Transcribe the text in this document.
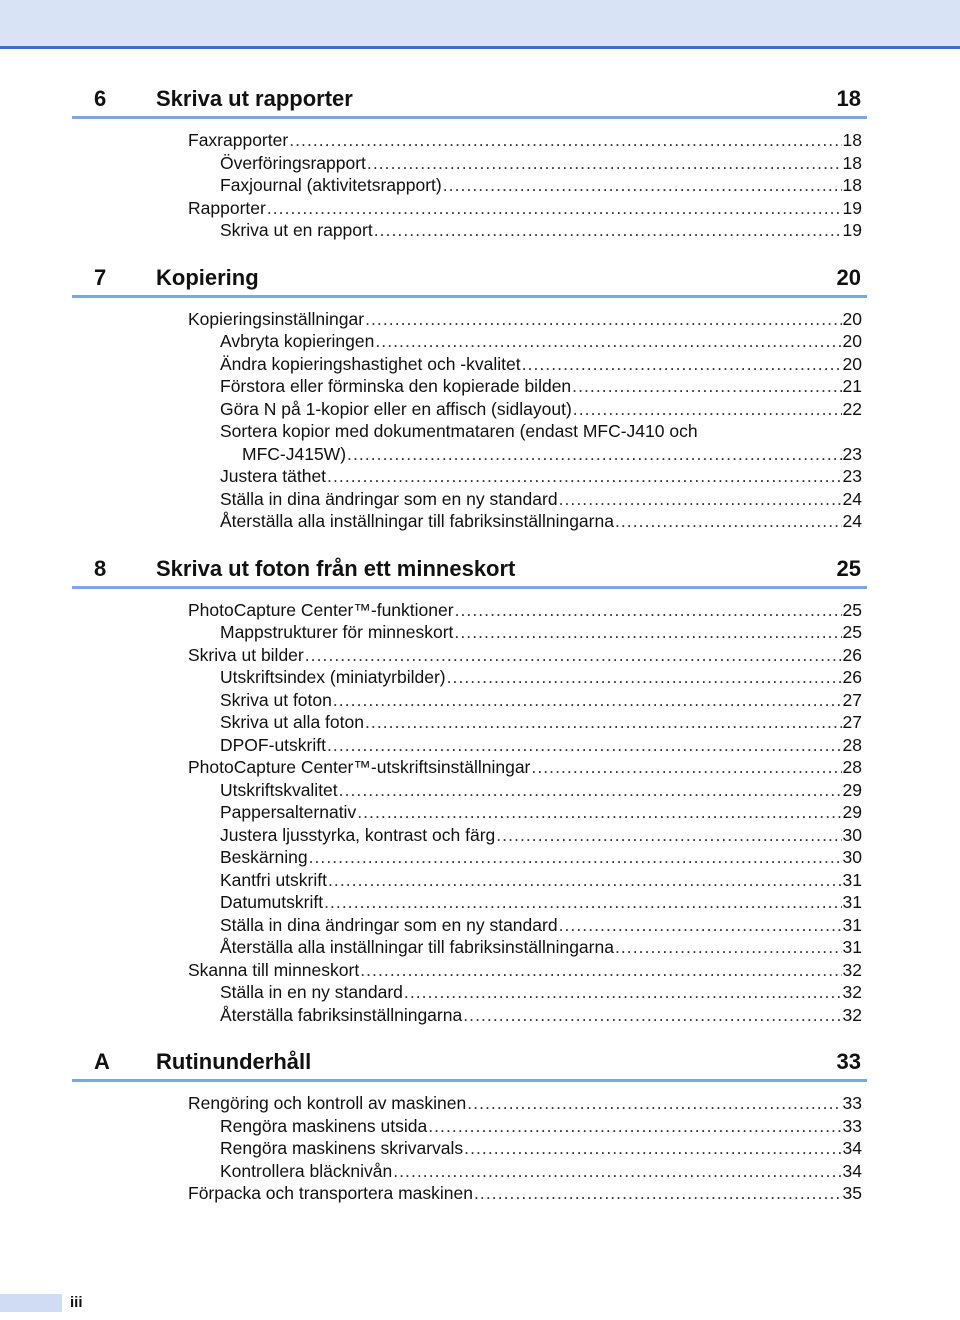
6 Skriva ut rapporter	18
Faxrapporter . . .	18
Överföringsrapport . . .	18
Faxjournal (aktivitetsrapport) . . .	18
Rapporter . . .	19
Skriva ut en rapport . . .	19
7 Kopiering	20
Kopieringsinställningar . . .	20
Avbryta kopieringen . . .	20
Ändra kopieringshastighet och -kvalitet . . .	20
Förstora eller förminska den kopierade bilden . . .	21
Göra N på 1-kopior eller en affisch (sidlayout) . . .	22
Sortera kopior med dokumentmataren (endast MFC-J410 och
MFC-J415W) . . .	23
Justera täthet . . .	23
Ställa in dina ändringar som en ny standard . . .	24
Återställa alla inställningar till fabriksinställningarna . . .	24
8 Skriva ut foton från ett minneskort	25
PhotoCapture Center™-funktioner . . .	25
Mappstrukturer för minneskort . . .	25
Skriva ut bilder . . .	26
Utskriftsindex (miniatyrbilder) . . .	26
Skriva ut foton . . .	27
Skriva ut alla foton . . .	27
DPOF-utskrift . . .	28
PhotoCapture Center™-utskriftsinställningar . . .	28
Utskriftskvalitet . . .	29
Pappersalternativ . . .	29
Justera ljusstyrka, kontrast och färg . . .	30
Beskärning . . .	30
Kantfri utskrift . . .	31
Datumutskrift . . .	31
Ställa in dina ändringar som en ny standard . . .	31
Återställa alla inställningar till fabriksinställningarna . . .	31
Skanna till minneskort . . .	32
Ställa in en ny standard . . .	32
Återställa fabriksinställningarna . . .	32
A Rutinunderhåll	33
Rengöring och kontroll av maskinen . . .	33
Rengöra maskinens utsida . . .	33
Rengöra maskinens skrivarvals . . .	34
Kontrollera bläcknivån . . .	34
Förpacka och transportera maskinen . . .	35
iii
